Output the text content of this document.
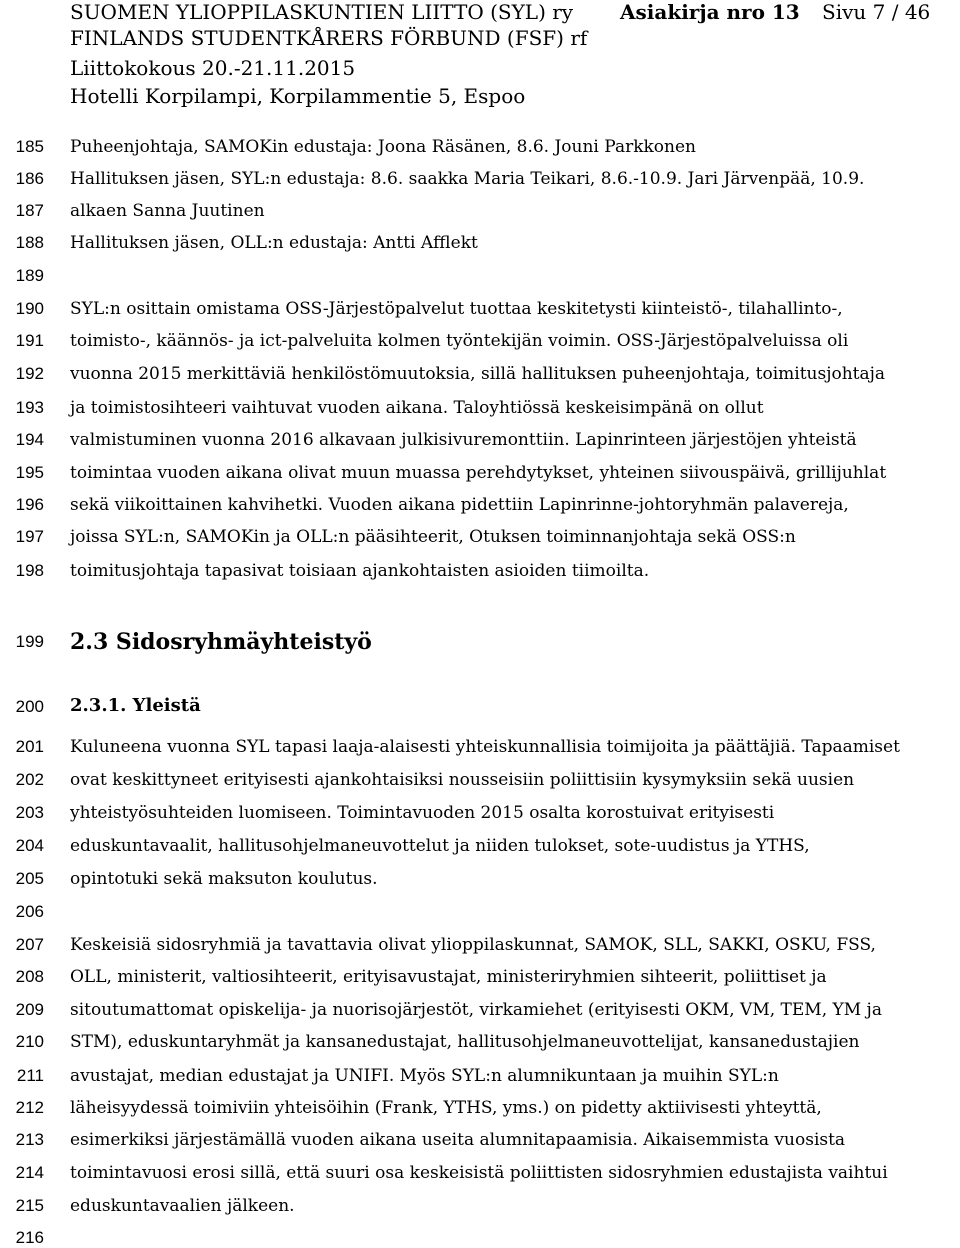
SUOMEN YLIOPPILASKUNTIEN LIITTO (SYL) ry
FINLANDS STUDENTKÅRERS FÖRBUND (FSF) rf
Liittokokous 20.-21.11.2015
Hotelli Korpilampi, Korpilammentie 5, Espoo
Asiakirja nro 13 Sivu 7 / 46
185
186
187
188
189
190
191
192
193
194
195
196
197
198
199
200
201
202
203
204
205
206
207
208
209
210
211
212
213
214
215
216
Puheenjohtaja, SAMOKin edustaja: Joona Räsänen, 8.6. Jouni Parkkonen
Hallituksen jäsen, SYL:n edustaja: 8.6. saakka Maria Teikari, 8.6.-10.9. Jari Järvenpää, 10.9.
alkaen Sanna Juutinen
Hallituksen jäsen, OLL:n edustaja: Antti Afflekt
SYL:n osittain omistama OSS-Järjestöpalvelut tuottaa keskitetysti kiinteistö-, tilahallinto-,
toimisto-, käännös- ja ict-palveluita kolmen työntekijän voimin. OSS-Järjestöpalveluissa oli
vuonna 2015 merkittäviä henkilöstömuutoksia, sillä hallituksen puheenjohtaja, toimitusjohtaja
ja toimistosihteeri vaihtuvat vuoden aikana. Taloyhtiössä keskeisimpänä on ollut
valmistuminen vuonna 2016 alkavaan julkisivuremonttiin. Lapinrinteen järjestöjen yhteistä
toimintaa vuoden aikana olivat muun muassa perehdytykset, yhteinen siivouspäivä, grillijuhlat
sekä viikoittainen kahvihetki. Vuoden aikana pidettiin Lapinrinne-johtoryhmän palavereja,
joissa SYL:n, SAMOKin ja OLL:n pääsihteerit, Otuksen toiminnanjohtaja sekä OSS:n
toimitusjohtaja tapasivat toisiaan ajankohtaisten asioiden tiimoilta.
2.3 Sidosryhmäyhteistyö
2.3.1. Yleistä
Kuluneena vuonna SYL tapasi laaja-alaisesti yhteiskunnallisia toimijoita ja päättäjiä. Tapaamiset
ovat keskittyneet erityisesti ajankohtaisiksi nousseisiin poliittisiin kysymyksiin sekä uusien
yhteistyösuhteiden luomiseen. Toimintavuoden 2015 osalta korostuivat erityisesti
eduskuntavaalit, hallitusohjelmaneuvottelut ja niiden tulokset, sote-uudistus ja YTHS,
opintotuki sekä maksuton koulutus.
Keskeisiä sidosryhmiä ja tavattavia olivat ylioppilaskunnat, SAMOK, SLL, SAKKI, OSKU, FSS,
OLL, ministerit, valtiosihteerit, erityisavustajat, ministeriryhmien sihteerit, poliittiset ja
sitoutumattomat opiskelija- ja nuorisojärjestöt, virkamiehet (erityisesti OKM, VM, TEM, YM ja
STM), eduskuntaryhmät ja kansanedustajat, hallitusohjelmaneuvottelijat, kansanedustajien
avustajat, median edustajat ja UNIFI. Myös SYL:n alumnikuntaan ja muihin SYL:n
läheisyydessä toimiviin yhteisöihin (Frank, YTHS, yms.) on pidetty aktiivisesti yhteyttä,
esimerkiksi järjestämällä vuoden aikana useita alumnitapaamisia. Aikaisemmista vuosista
toimintavuosi erosi sillä, että suuri osa keskeisistä poliittisten sidosryhmien edustajista vaihtui
eduskuntavaalien jälkeen.
